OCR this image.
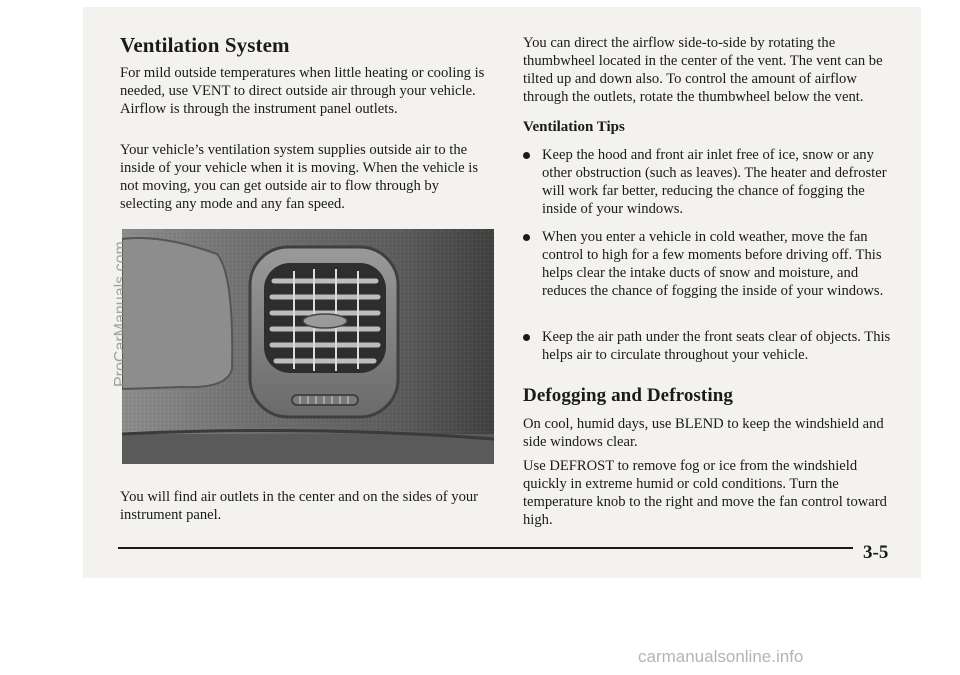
Ventilation System

For mild outside temperatures when little heating or cooling is needed, use VENT to direct outside air through your vehicle. Airflow is through the instrument panel outlets.

Your vehicle’s ventilation system supplies outside air to the inside of your vehicle when it is moving. When the vehicle is not moving, you can get outside air to flow through by selecting any mode and any fan speed.

You will find air outlets in the center and on the sides of your instrument panel.

You can direct the airflow side-to-side by rotating the thumbwheel located in the center of the vent. The vent can be tilted up and down also. To control the amount of airflow through the outlets, rotate the thumbwheel below the vent.

Ventilation Tips

Keep the hood and front air inlet free of ice, snow or any other obstruction (such as leaves). The heater and defroster will work far better, reducing the chance of fogging the inside of your windows.

When you enter a vehicle in cold weather, move the fan control to high for a few moments before driving off. This helps clear the intake ducts of snow and moisture, and reduces the chance of fogging the inside of your windows.

Keep the air path under the front seats clear of objects. This helps air to circulate throughout your vehicle.

Defogging and Defrosting

On cool, humid days, use BLEND to keep the windshield and side windows clear.

Use DEFROST to remove fog or ice from the windshield quickly in extreme humid or cold conditions. Turn the temperature knob to the right and move the fan control toward high.

3-5
ProCarManuals.com
carmanualsonline.info
